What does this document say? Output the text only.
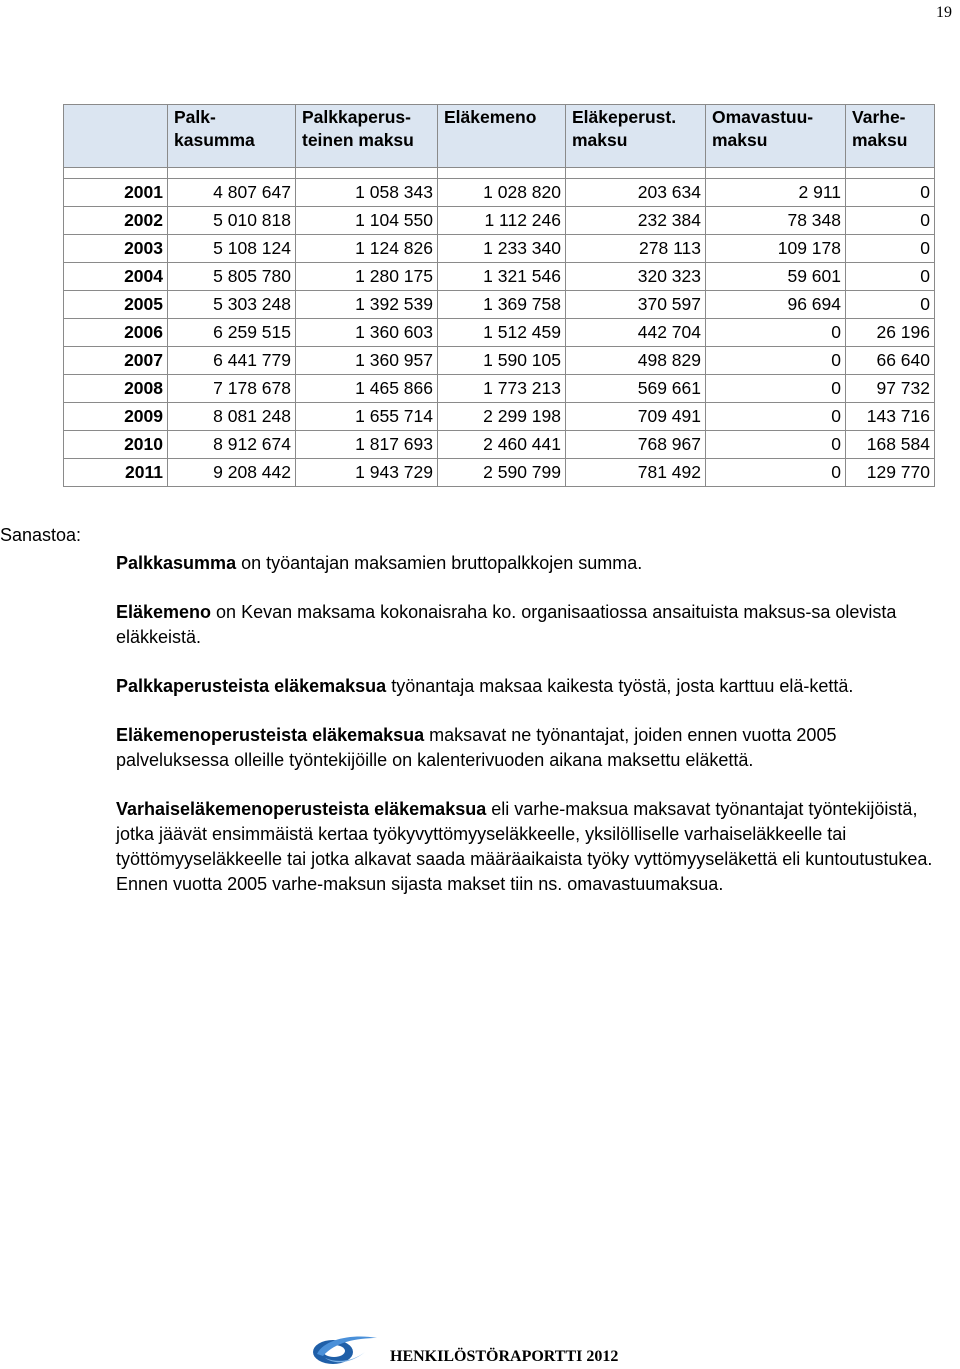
19
	Palk-kasumma	Palkkaperus-teinen maksu	Eläkemeno	Eläkeperust. maksu	Omavastuu-maksu	Varhe-maksu

2001	4 807 647	1 058 343	1 028 820	203 634	2 911	0
2002	5 010 818	1 104 550	1 112 246	232 384	78 348	0
2003	5 108 124	1 124 826	1 233 340	278 113	109 178	0
2004	5 805 780	1 280 175	1 321 546	320 323	59 601	0
2005	5 303 248	1 392 539	1 369 758	370 597	96 694	0
2006	6 259 515	1 360 603	1 512 459	442 704	0	26 196
2007	6 441 779	1 360 957	1 590 105	498 829	0	66 640
2008	7 178 678	1 465 866	1 773 213	569 661	0	97 732
2009	8 081 248	1 655 714	2 299 198	709 491	0	143 716
2010	8 912 674	1 817 693	2 460 441	768 967	0	168 584
2011	9 208 442	1 943 729	2 590 799	781 492	0	129 770
Sanastoa:

Palkkasumma on työantajan maksamien bruttopalkkojen summa.

Eläkemeno on Kevan maksama kokonaisraha ko. organisaatiossa ansaituista maksus-sa olevista eläkkeistä.

Palkkaperusteista eläkemaksua työnantaja maksaa kaikesta työstä, josta karttuu elä-kettä.

Eläkemenoperusteista eläkemaksua maksavat ne työnantajat, joiden ennen vuotta 2005 palveluksessa olleille työntekijöille on kalenterivuoden aikana maksettu eläkettä.

Varhaiseläkemenoperusteista eläkemaksua eli varhe-maksua maksavat työnantajat työntekijöistä, jotka jäävät ensimmäistä kertaa työkyvyttömyyseläkkeelle, yksilölliselle varhaiseläkkeelle tai työttömyyseläkkeelle tai jotka alkavat saada määräaikaista työky vyttömyyseläkettä eli kuntoutustukea. Ennen vuotta 2005 varhe-maksun sijasta makset tiin ns. omavastuumaksua.

HENKILÖSTÖRAPORTTI 2012
